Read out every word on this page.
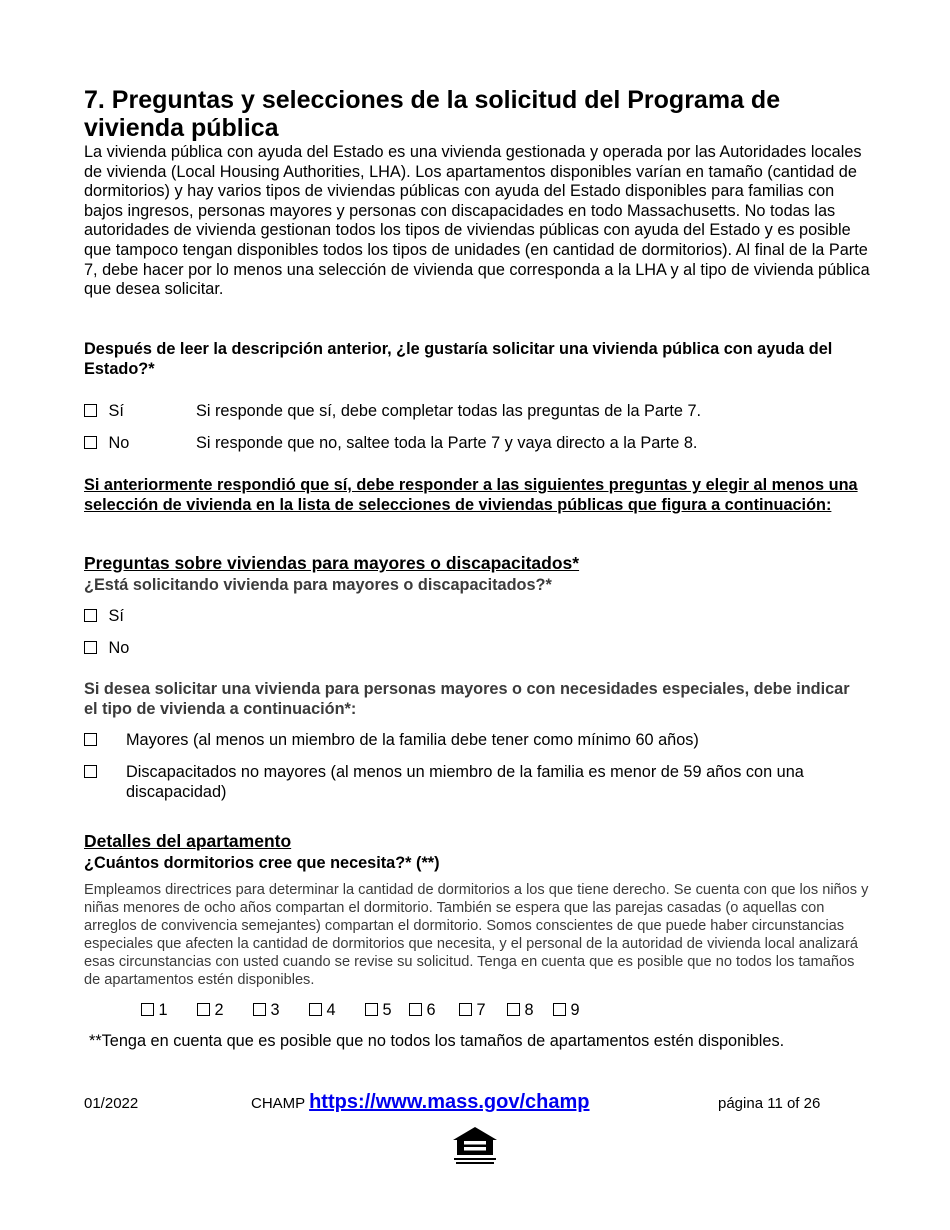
7. Preguntas y selecciones de la solicitud del Programa de vivienda pública
La vivienda pública con ayuda del Estado es una vivienda gestionada y operada por las Autoridades locales de vivienda (Local Housing Authorities, LHA). Los apartamentos disponibles varían en tamaño (cantidad de dormitorios) y hay varios tipos de viviendas públicas con ayuda del Estado disponibles para familias con bajos ingresos, personas mayores y personas con discapacidades en todo Massachusetts. No todas las autoridades de vivienda gestionan todos los tipos de viviendas públicas con ayuda del Estado y es posible que tampoco tengan disponibles todos los tipos de unidades (en cantidad de dormitorios). Al final de la Parte 7, debe hacer por lo menos una selección de vivienda que corresponda a la LHA y al tipo de vivienda pública que desea solicitar.
Después de leer la descripción anterior, ¿le gustaría solicitar una vivienda pública con ayuda del Estado?*
Sí	Si responde que sí, debe completar todas las preguntas de la Parte 7.
No	Si responde que no, saltee toda la Parte 7 y vaya directo a la Parte 8.
Si anteriormente respondió que sí, debe responder a las siguientes preguntas y elegir al menos una selección de vivienda en la lista de selecciones de viviendas públicas que figura a continuación:
Preguntas sobre viviendas para mayores o discapacitados*
¿Está solicitando vivienda para mayores o discapacitados?*
Sí
No
Si desea solicitar una vivienda para personas mayores o con necesidades especiales, debe indicar el tipo de vivienda a continuación*:
Mayores (al menos un miembro de la familia debe tener como mínimo 60 años)
Discapacitados no mayores (al menos un miembro de la familia es menor de 59 años con una discapacidad)
Detalles del apartamento
¿Cuántos dormitorios cree que necesita?* (**)
Empleamos directrices para determinar la cantidad de dormitorios a los que tiene derecho. Se cuenta con que los niños y niñas menores de ocho años compartan el dormitorio. También se espera que las parejas casadas (o aquellas con arreglos de convivencia semejantes) compartan el dormitorio. Somos conscientes de que puede haber circunstancias especiales que afecten la cantidad de dormitorios que necesita, y el personal de la autoridad de vivienda local analizará esas circunstancias con usted cuando se revise su solicitud. Tenga en cuenta que es posible que no todos los tamaños de apartamentos estén disponibles.
1	2	3	4	5	6	7	8	9
**Tenga en cuenta que es posible que no todos los tamaños de apartamentos estén disponibles.
01/2022	CHAMP https://www.mass.gov/champ	página 11 of 26
